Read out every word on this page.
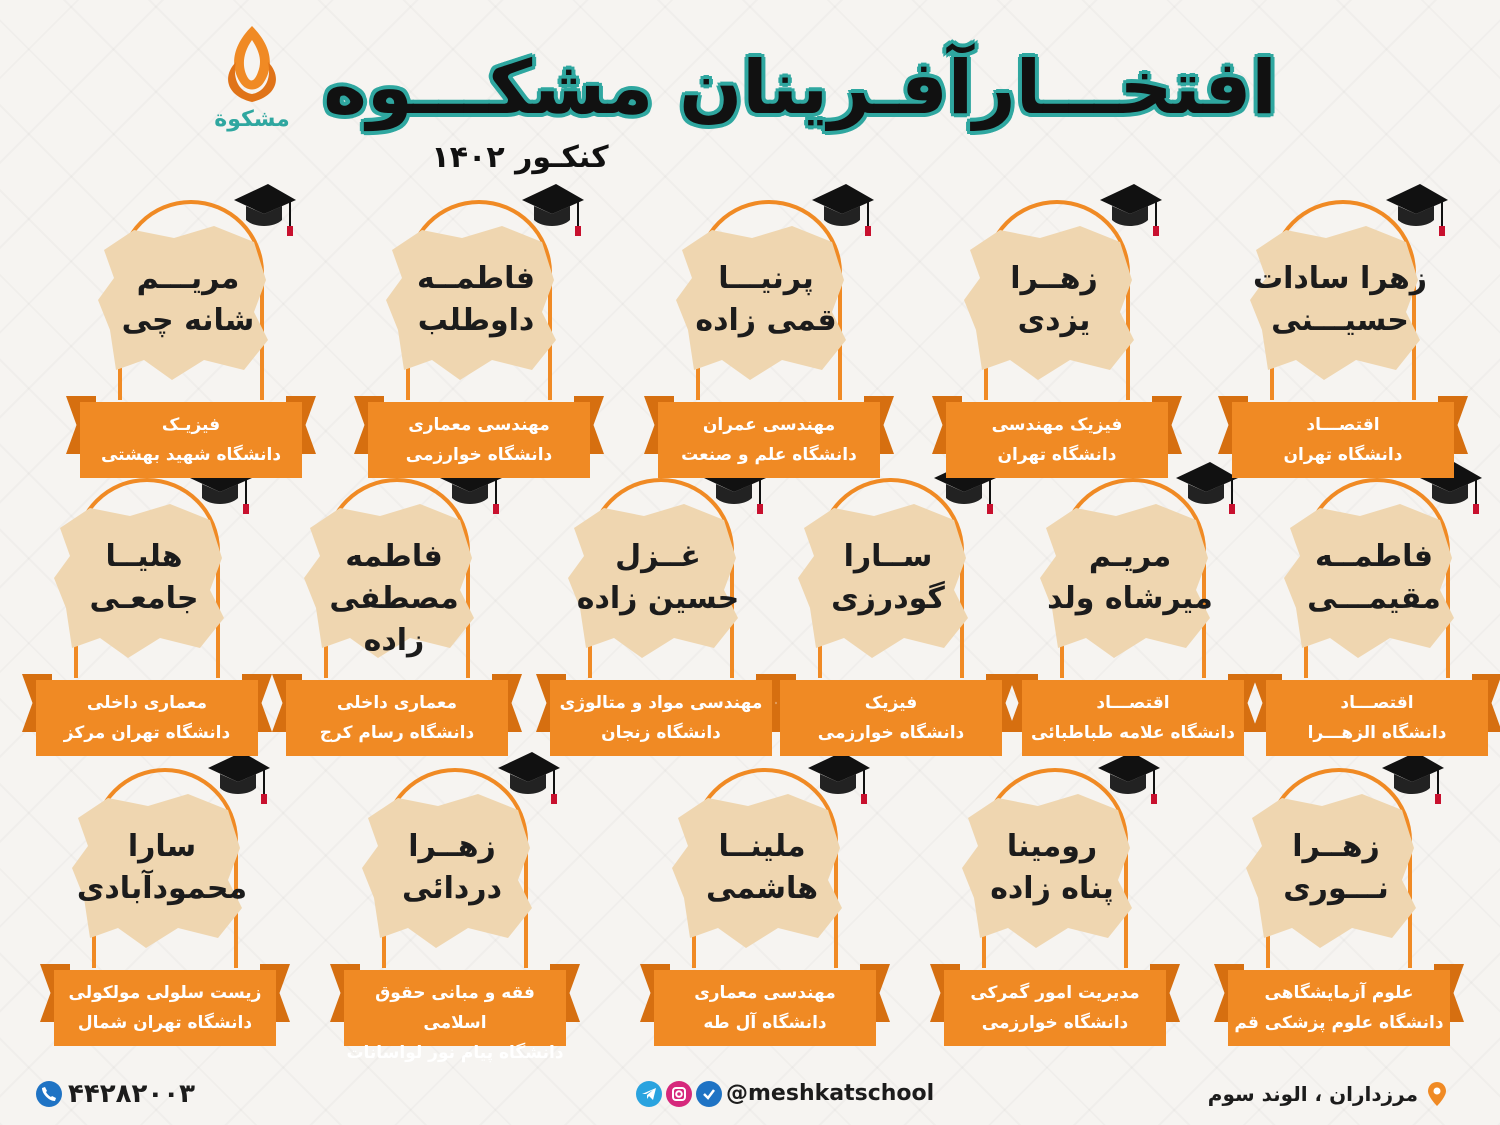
مشکوة افتخـــارآفـرینان مشکـــوه
کنکـور ۱۴۰۲
زهرا سادات
حسیـــنی
اقتصـــاد
دانشگاه تهران
زهــرا
یزدی
فیزیک مهندسی
دانشگاه تهران
پرنیـــا
قمی زاده
مهندسی عمران
دانشگاه علم و صنعت
فاطمــه
داوطلب
مهندسی معماری
دانشگاه خوارزمی
مریـــم
شانه چی
فیزیـک
دانشگاه شهید بهشتی
فاطمــه
مقیمـــی
اقتصـــاد
دانشگاه الزهـــرا
مریـم
میرشاه ولد
اقتصـــاد
دانشگاه علامه طباطبائی
ســارا
گودرزی
فیزیک
دانشگاه خوارزمی
غــزل
حسین زاده
مهندسی مواد و متالوژی
دانشگاه زنجان
فاطمه
مصطفی زاده
معماری داخلی
دانشگاه رسام کرج
هلیــا
جامعـی
معماری داخلی
دانشگاه تهران مرکز
زهــرا
نـــوری
علوم آزمایشگاهی
دانشگاه علوم پزشکی قم
رومینا
پناه زاده
مدیریت امور گمرکی
دانشگاه خوارزمی
ملینــا
هاشمی
مهندسی معماری
دانشگاه آل طه
زهــرا
دردائی
فقه و مبانی حقوق اسلامی
دانشگاه پیام نور لواسانات
سارا
محمودآبادی
زیست سلولی مولکولی
دانشگاه تهران شمال
۴۴۲۸۲۰۰۳	@meshkatschool	مرزداران ، الوند سوم
